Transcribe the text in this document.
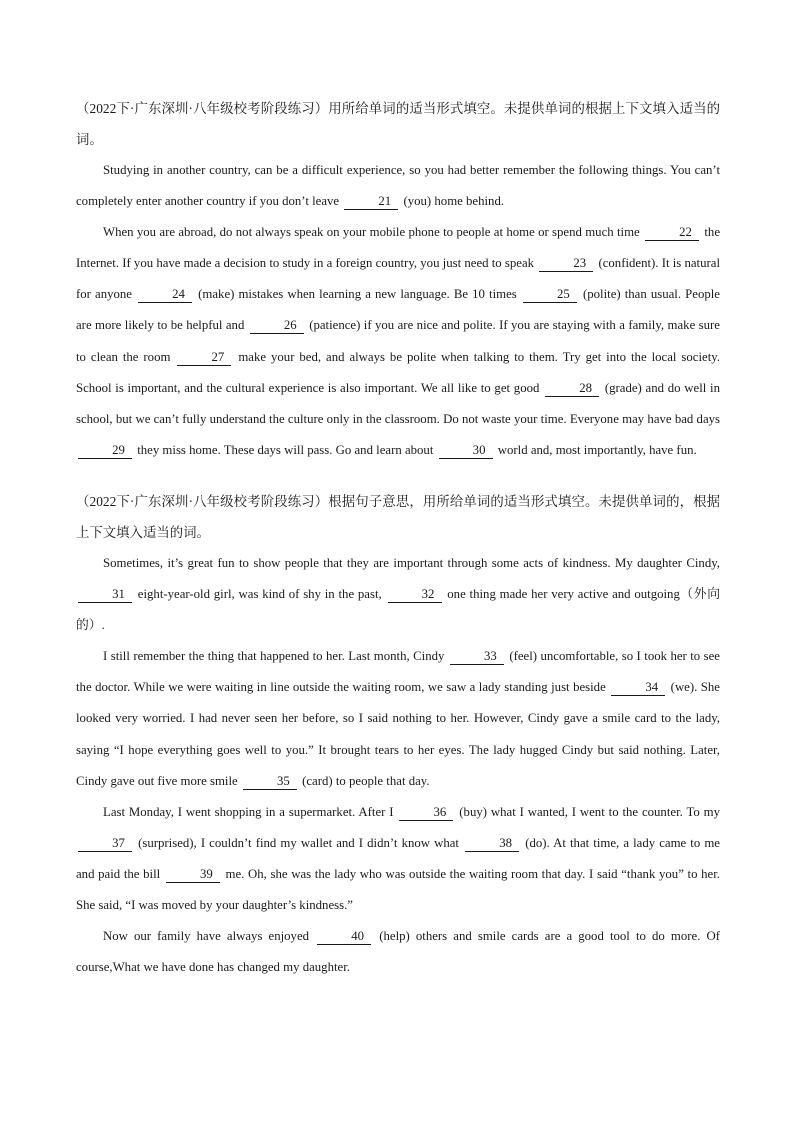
（2022下·广东深圳·八年级校考阶段练习）用所给单词的适当形式填空。未提供单词的根据上下文填入适当的词。

Studying in another country, can be a difficult experience, so you had better remember the following things. You can’t completely enter another country if you don’t leave	21 (you) home behind.

When you are abroad, do not always speak on your mobile phone to people at home or spend much time	22 the Internet. If you have made a decision to study in a foreign country, you just need to speak	23 (confident). It is natural for anyone	24 (make) mistakes when learning a new language. Be 10 times	25 (polite) than usual. People are more likely to be helpful and	26 (patience) if you are nice and polite. If you are staying with a family, make sure to clean the room	27 make your bed, and always be polite when talking to them. Try get into the local society. School is important, and the cultural experience is also important. We all like to get good	28 (grade) and do well in school, but we can’t fully understand the culture only in the classroom. Do not waste your time. Everyone may have bad days 29 they miss home. These days will pass. Go and learn about	30 world and, most importantly, have fun.

（2022下·广东深圳·八年级校考阶段练习）根据句子意思，用所给单词的适当形式填空。未提供单词的，根据上下文填入适当的词。

Sometimes, it’s great fun to show people that they are important through some acts of kindness. My daughter Cindy, 31 eight-year-old girl, was kind of shy in the past,	32 one thing made her very active and outgoing（外向的）.

I still remember the thing that happened to her. Last month, Cindy	33 (feel) uncomfortable, so I took her to see the doctor. While we were waiting in line outside the waiting room, we saw a lady standing just beside	34 (we). She looked very worried. I had never seen her before, so I said nothing to her. However, Cindy gave a smile card to the lady, saying “I hope everything goes well to you.” It brought tears to her eyes. The lady hugged Cindy but said nothing. Later, Cindy gave out five more smile	35 (card) to people that day.

Last Monday, I went shopping in a supermarket. After I	36 (buy) what I wanted, I went to the counter. To my 37 (surprised), I couldn’t find my wallet and I didn’t know what	38 (do). At that time, a lady came to me and paid the bill	39 me. Oh, she was the lady who was outside the waiting room that day. I said “thank you” to her. She said, “I was moved by your daughter’s kindness.”

Now our family have always enjoyed	40 (help) others and smile cards are a good tool to do more. Of course,What we have done has changed my daughter.
